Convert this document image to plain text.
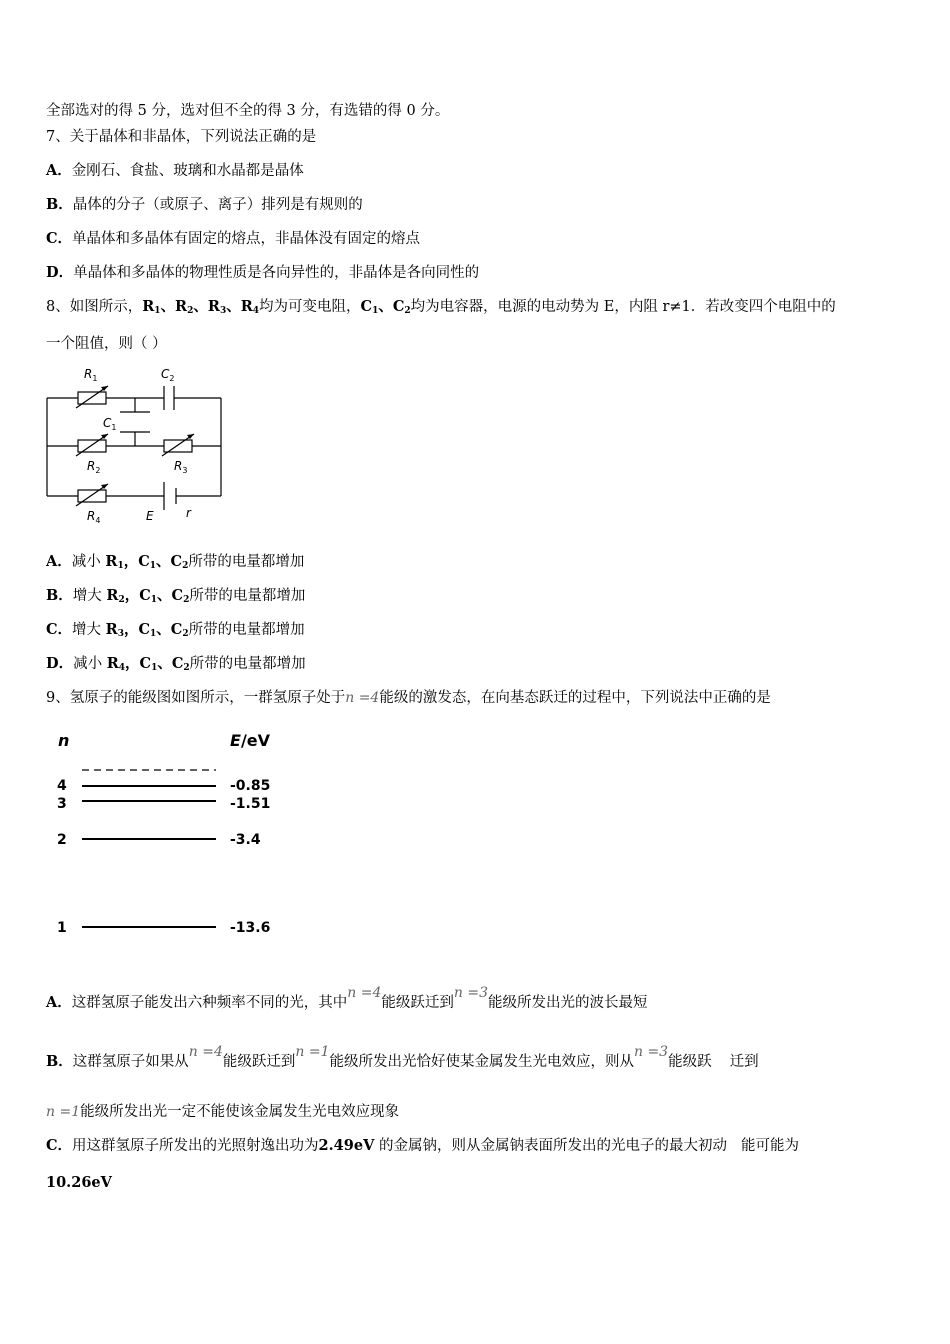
全部选对的得 5 分，选对但不全的得 3 分，有选错的得 0 分。
7、关于晶体和非晶体，下列说法正确的是
A．金刚石、食盐、玻璃和水晶都是晶体
B．晶体的分子（或原子、离子）排列是有规则的
C．单晶体和多晶体有固定的熔点，非晶体没有固定的熔点
D．单晶体和多晶体的物理性质是各向异性的，非晶体是各向同性的
8、如图所示，$R_1$、$R_2$、$R_3$、$R_4$均为可变电阻，$C_1$、$C_2$均为电容器，电源的电动势为 E，内阻 r≠1．若改变四个电阻中的
一个阻值，则（ ）
$R_1$	$C_2$
$C_1$
$R_2$	$R_3$
$R_4$	E	r
A．减小 $R_1$，$C_1$、$C_2$所带的电量都增加
B．增大 $R_2$，$C_1$、$C_2$所带的电量都增加
C．增大 $R_3$，$C_1$、$C_2$所带的电量都增加
D．减小 $R_4$，$C_1$、$C_2$所带的电量都增加
9、氢原子的能级图如图所示，一群氢原子处于n =4能级的激发态，在向基态跃迁的过程中，下列说法中正确的是
n	E/eV
4	-0.85
3	-1.51
2	-3.4
1	-13.6
A．这群氢原子能发出六种频率不同的光，其中n =4能级跃迁到n =3能级所发出光的波长最短
B．这群氢原子如果从n =4能级跃迁到n =1能级所发出光恰好使某金属发生光电效应，则从n =3能级跃 迁到
n =1能级所发出光一定不能使该金属发生光电效应现象
C．用这群氢原子所发出的光照射逸出功为2.49eV 的金属钠，则从金属钠表面所发出的光电子的最大初动 能可能为
10.26eV
